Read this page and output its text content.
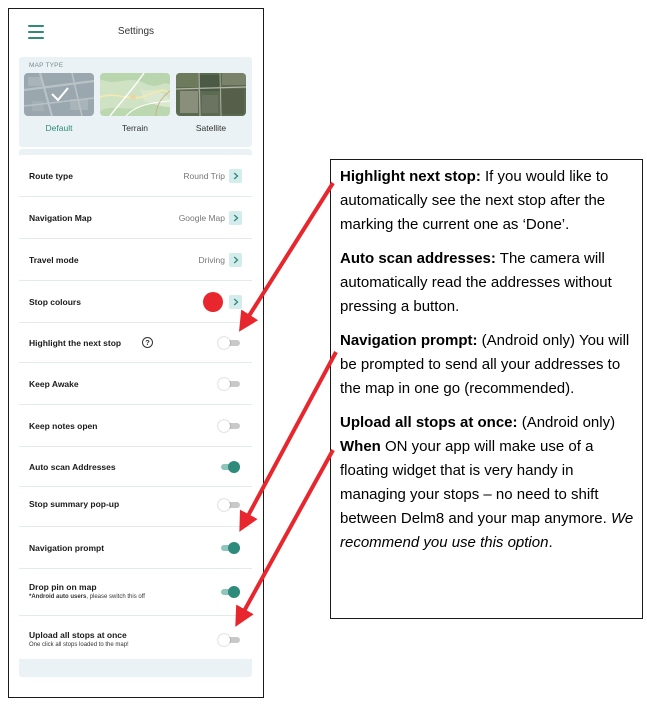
Settings
MAP TYPE
Default	Terrain	Satellite
Route type	Round Trip
Navigation Map	Google Map
Travel mode	Driving
Stop colours
Highlight the next stop	?
Keep Awake
Keep notes open
Auto scan Addresses
Stop summary pop-up
Navigation prompt
Drop pin on map
*Android auto users, please switch this off
Upload all stops at once
One click all stops loaded to the map!

Highlight next stop: If you would like to automatically see the next stop after the marking the current one as ‘Done’.

Auto scan addresses: The camera will automatically read the addresses without pressing a button.

Navigation prompt: (Android only) You will be prompted to send all your addresses to the map in one go (recommended).

Upload all stops at once: (Android only) When ON your app will make use of a floating widget that is very handy in managing your stops – no need to shift between Delm8 and your map anymore. We recommend you use this option.
